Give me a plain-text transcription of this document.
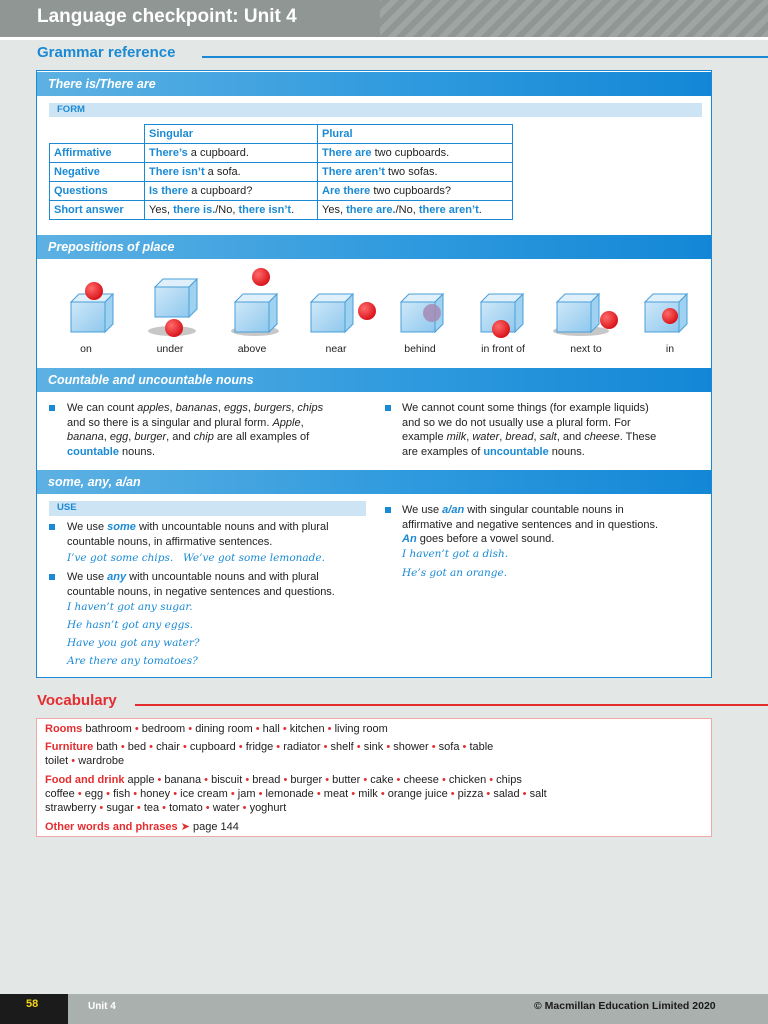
Language checkpoint: Unit 4
Grammar reference
There is/There are
FORM
	Singular	Plural
Affirmative	There’s a cupboard.	There are two cupboards.
Negative	There isn’t a sofa.	There aren’t two sofas.
Questions	Is there a cupboard?	Are there two cupboards?
Short answer	Yes, there is./No, there isn’t.	Yes, there are./No, there aren’t.
Prepositions of place
on	under	above	near	behind	in front of	next to	in
Countable and uncountable nouns
We can count apples, bananas, eggs, burgers, chips
and so there is a singular and plural form. Apple,
banana, egg, burger, and chip are all examples of
countable nouns.
We cannot count some things (for example liquids)
and so we do not usually use a plural form. For
example milk, water, bread, salt, and cheese. These
are examples of uncountable nouns.
some, any, a/an
USE
We use some with uncountable nouns and with plural
countable nouns, in affirmative sentences.
I’ve got some chips. We’ve got some lemonade.
We use any with uncountable nouns and with plural
countable nouns, in negative sentences and questions.
I haven’t got any sugar.
He hasn’t got any eggs.
Have you got any water?
Are there any tomatoes?
We use a/an with singular countable nouns in
affirmative and negative sentences and in questions.
An goes before a vowel sound.
I haven’t got a dish.
He’s got an orange.
Vocabulary
Rooms bathroom • bedroom • dining room • hall • kitchen • living room
Furniture bath • bed • chair • cupboard • fridge • radiator • shelf • sink • shower • sofa • table
toilet • wardrobe
Food and drink apple • banana • biscuit • bread • burger • butter • cake • cheese • chicken • chips
coffee • egg • fish • honey • ice cream • jam • lemonade • meat • milk • orange juice • pizza • salad • salt
strawberry • sugar • tea • tomato • water • yoghurt
Other words and phrases ➤ page 144
58	Unit 4	© Macmillan Education Limited 2020
